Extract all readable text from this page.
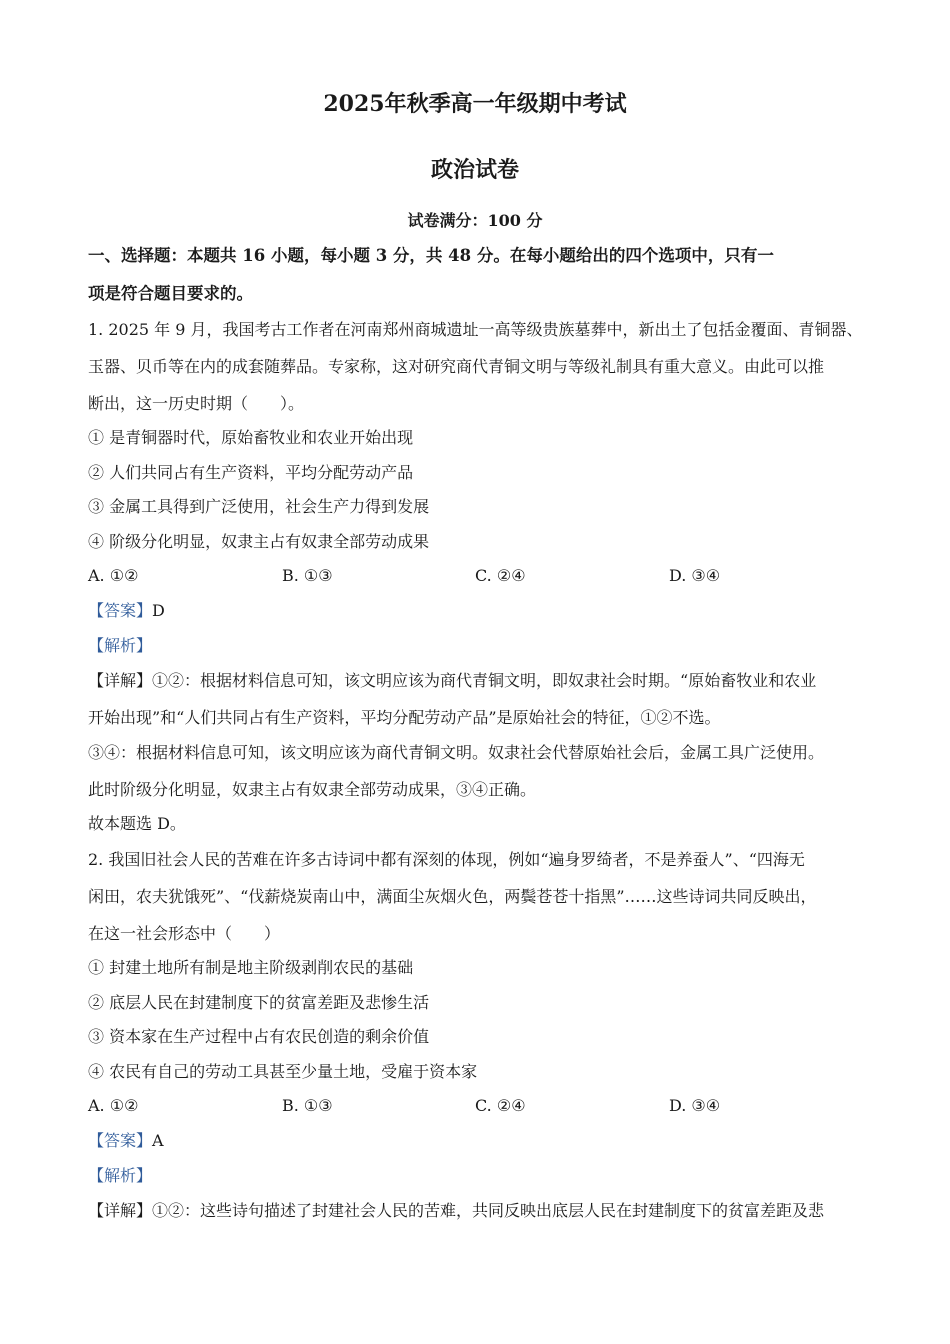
2025年秋季高一年级期中考试
政治试卷
试卷满分：100 分
一、选择题：本题共 16 小题，每小题 3 分，共 48 分。在每小题给出的四个选项中，只有一
项是符合题目要求的。
1. 2025 年 9 月，我国考古工作者在河南郑州商城遗址一高等级贵族墓葬中，新出土了包括金覆面、青铜器、
玉器、贝币等在内的成套随葬品。专家称，这对研究商代青铜文明与等级礼制具有重大意义。由此可以推
断出，这一历史时期（　　）。
① 是青铜器时代，原始畜牧业和农业开始出现
② 人们共同占有生产资料，平均分配劳动产品
③ 金属工具得到广泛使用，社会生产力得到发展
④ 阶级分化明显，奴隶主占有奴隶全部劳动成果
A. ①②	B. ①③	C. ②④	D. ③④
【答案】D
【解析】
【详解】①②：根据材料信息可知，该文明应该为商代青铜文明，即奴隶社会时期。“原始畜牧业和农业
开始出现”和“人们共同占有生产资料，平均分配劳动产品”是原始社会的特征，①②不选。
③④：根据材料信息可知，该文明应该为商代青铜文明。奴隶社会代替原始社会后，金属工具广泛使用。
此时阶级分化明显，奴隶主占有奴隶全部劳动成果，③④正确。
故本题选 D。
2. 我国旧社会人民的苦难在许多古诗词中都有深刻的体现，例如“遍身罗绮者，不是养蚕人”、“四海无
闲田，农夫犹饿死”、“伐薪烧炭南山中，满面尘灰烟火色，两鬓苍苍十指黑”……这些诗词共同反映出，
在这一社会形态中（　　）
① 封建土地所有制是地主阶级剥削农民的基础
② 底层人民在封建制度下的贫富差距及悲惨生活
③ 资本家在生产过程中占有农民创造的剩余价值
④ 农民有自己的劳动工具甚至少量土地，受雇于资本家
A. ①②	B. ①③	C. ②④	D. ③④
【答案】A
【解析】
【详解】①②：这些诗句描述了封建社会人民的苦难，共同反映出底层人民在封建制度下的贫富差距及悲
